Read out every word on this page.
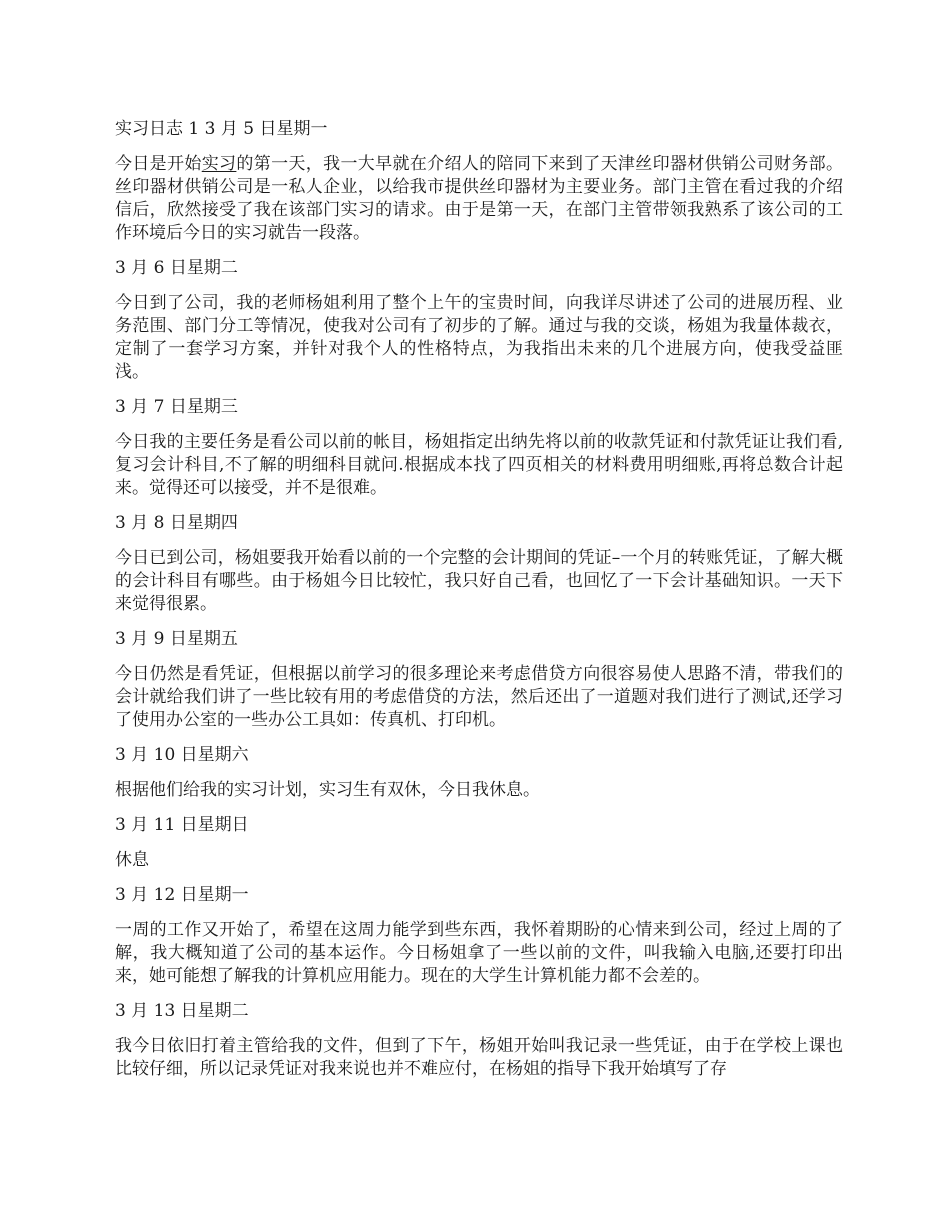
实习日志 1 3 月 5 日星期一
今日是开始实习的第一天，我一大早就在介绍人的陪同下来到了天津丝印器材供销公司财务部。丝印器材供销公司是一私人企业，以给我市提供丝印器材为主要业务。部门主管在看过我的介绍信后，欣然接受了我在该部门实习的请求。由于是第一天，在部门主管带领我熟系了该公司的工作环境后今日的实习就告一段落。
3 月 6 日星期二
今日到了公司，我的老师杨姐利用了整个上午的宝贵时间，向我详尽讲述了公司的进展历程、业务范围、部门分工等情况，使我对公司有了初步的了解。通过与我的交谈，杨姐为我量体裁衣，定制了一套学习方案，并针对我个人的性格特点，为我指出未来的几个进展方向，使我受益匪浅。
3 月 7 日星期三
今日我的主要任务是看公司以前的帐目，杨姐指定出纳先将以前的收款凭证和付款凭证让我们看,复习会计科目,不了解的明细科目就问.根据成本找了四页相关的材料费用明细账,再将总数合计起来。觉得还可以接受，并不是很难。
3 月 8 日星期四
今日已到公司，杨姐要我开始看以前的一个完整的会计期间的凭证–一个月的转账凭证，了解大概的会计科目有哪些。由于杨姐今日比较忙，我只好自己看，也回忆了一下会计基础知识。一天下来觉得很累。
3 月 9 日星期五
今日仍然是看凭证，但根据以前学习的很多理论来考虑借贷方向很容易使人思路不清，带我们的会计就给我们讲了一些比较有用的考虑借贷的方法，然后还出了一道题对我们进行了测试,还学习了使用办公室的一些办公工具如：传真机、打印机。
3 月 10 日星期六
根据他们给我的实习计划，实习生有双休，今日我休息。
3 月 11 日星期日
休息
3 月 12 日星期一
一周的工作又开始了，希望在这周力能学到些东西，我怀着期盼的心情来到公司，经过上周的了解，我大概知道了公司的基本运作。今日杨姐拿了一些以前的文件，叫我输入电脑,还要打印出来，她可能想了解我的计算机应用能力。现在的大学生计算机能力都不会差的。
3 月 13 日星期二
我今日依旧打着主管给我的文件，但到了下午，杨姐开始叫我记录一些凭证，由于在学校上课也比较仔细，所以记录凭证对我来说也并不难应付，在杨姐的指导下我开始填写了存
